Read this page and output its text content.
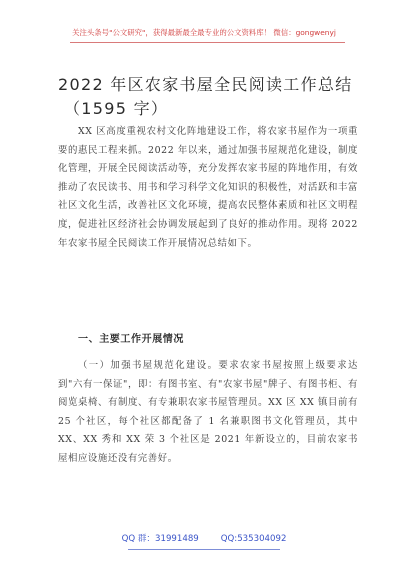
关注头条号"公文研究"，获得最新最全最专业的公文资料库！ 微信：gongwenyj
2022 年区农家书屋全民阅读工作总结
（1595 字）

XX 区高度重视农村文化阵地建设工作，将农家书屋作为一项重要的惠民工程来抓。2022 年以来，通过加强书屋规范化建设，制度化管理，开展全民阅读活动等，充分发挥农家书屋的阵地作用，有效推动了农民读书、用书和学习科学文化知识的积极性，对活跃和丰富社区文化生活，改善社区文化环境，提高农民整体素质和社区文明程度，促进社区经济社会协调发展起到了良好的推动作用。现将 2022 年农家书屋全民阅读工作开展情况总结如下。

一、主要工作开展情况

（一）加强书屋规范化建设。要求农家书屋按照上级要求达到"六有一保证"，即：有图书室、有"农家书屋"牌子、有图书柜、有阅览桌椅、有制度、有专兼职农家书屋管理员。XX 区 XX 镇目前有 25 个社区，每个社区都配备了 1 名兼职图书文化管理员，其中 XX、XX 秀和 XX 荣 3 个社区是 2021 年新设立的，目前农家书屋相应设施还没有完善好。

QQ 群：31991489	QQ:535304092
